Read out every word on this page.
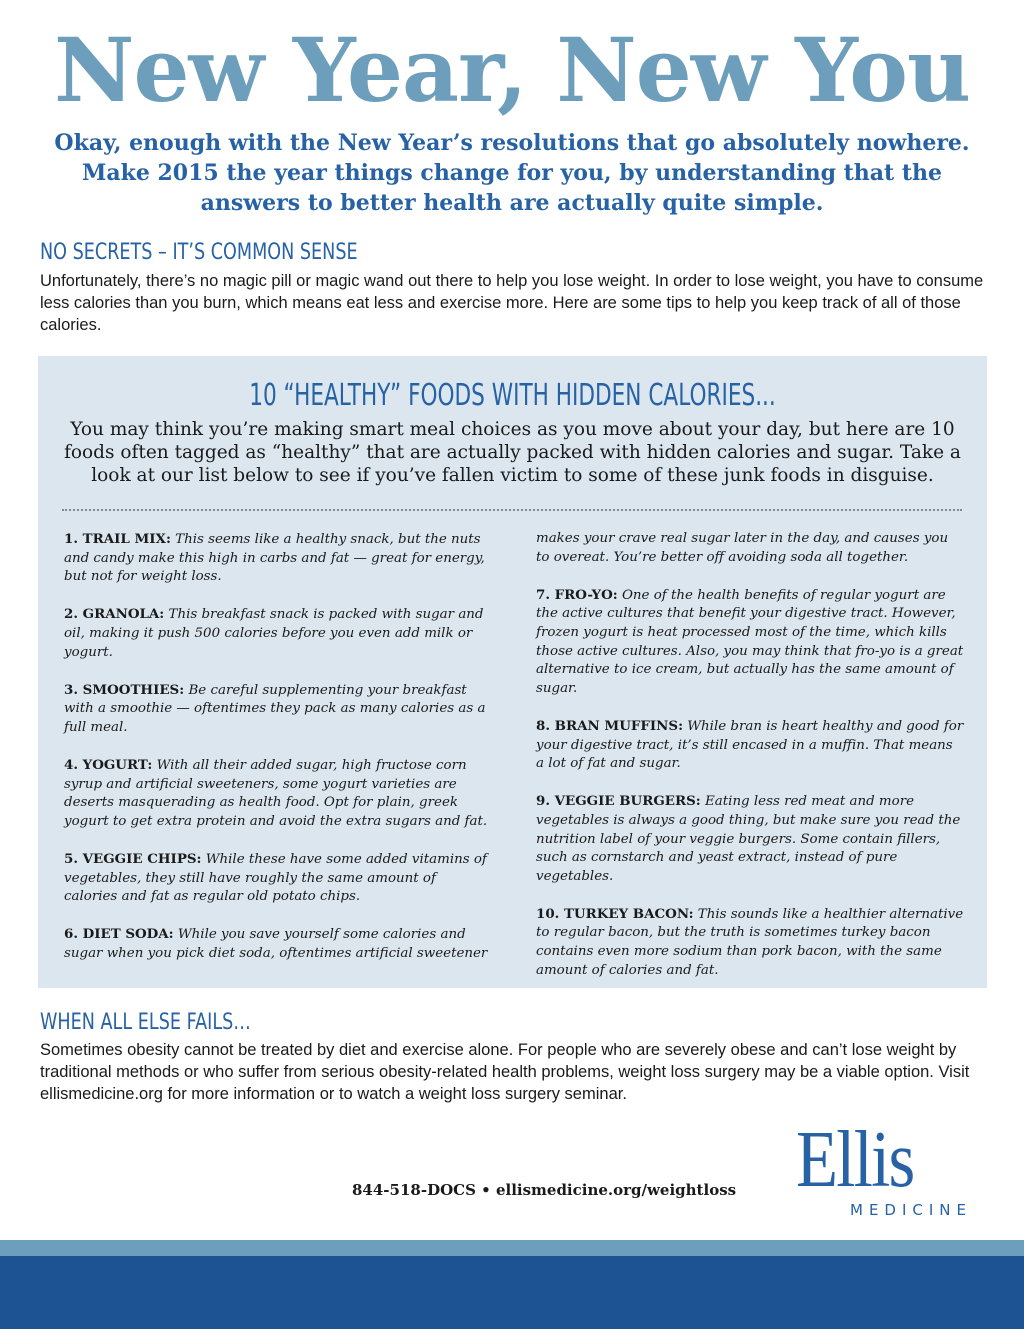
New Year, New You
Okay, enough with the New Year’s resolutions that go absolutely nowhere. Make 2015 the year things change for you, by understanding that the answers to better health are actually quite simple.
NO SECRETS – IT’S COMMON SENSE
Unfortunately, there’s no magic pill or magic wand out there to help you lose weight. In order to lose weight, you have to consume less calories than you burn, which means eat less and exercise more. Here are some tips to help you keep track of all of those calories.
10 “HEALTHY” FOODS WITH HIDDEN CALORIES...
You may think you’re making smart meal choices as you move about your day, but here are 10 foods often tagged as “healthy” that are actually packed with hidden calories and sugar. Take a look at our list below to see if you’ve fallen victim to some of these junk foods in disguise.

1. TRAIL MIX: This seems like a healthy snack, but the nuts and candy make this high in carbs and fat — great for energy, but not for weight loss.

2. GRANOLA: This breakfast snack is packed with sugar and oil, making it push 500 calories before you even add milk or yogurt.

3. SMOOTHIES: Be careful supplementing your breakfast with a smoothie — oftentimes they pack as many calories as a full meal.

4. YOGURT: With all their added sugar, high fructose corn syrup and artificial sweeteners, some yogurt varieties are deserts masquerading as health food. Opt for plain, greek yogurt to get extra protein and avoid the extra sugars and fat.

5. VEGGIE CHIPS: While these have some added vitamins of vegetables, they still have roughly the same amount of calories and fat as regular old potato chips.

6. DIET SODA: While you save yourself some calories and sugar when you pick diet soda, oftentimes artificial sweetener

makes your crave real sugar later in the day, and causes you to overeat. You’re better off avoiding soda all together.

7. FRO-YO: One of the health benefits of regular yogurt are the active cultures that benefit your digestive tract. However, frozen yogurt is heat processed most of the time, which kills those active cultures. Also, you may think that fro-yo is a great alternative to ice cream, but actually has the same amount of sugar.

8. BRAN MUFFINS: While bran is heart healthy and good for your digestive tract, it’s still encased in a muffin. That means a lot of fat and sugar.

9. VEGGIE BURGERS: Eating less red meat and more vegetables is always a good thing, but make sure you read the nutrition label of your veggie burgers. Some contain fillers, such as cornstarch and yeast extract, instead of pure vegetables.

10. TURKEY BACON: This sounds like a healthier alternative to regular bacon, but the truth is sometimes turkey bacon contains even more sodium than pork bacon, with the same amount of calories and fat.

WHEN ALL ELSE FAILS…
Sometimes obesity cannot be treated by diet and exercise alone. For people who are severely obese and can’t lose weight by traditional methods or who suffer from serious obesity-related health problems, weight loss surgery may be a viable option. Visit ellismedicine.org for more information or to watch a weight loss surgery seminar.
844-518-DOCS • ellismedicine.org/weightloss Ellis
MEDICINE
